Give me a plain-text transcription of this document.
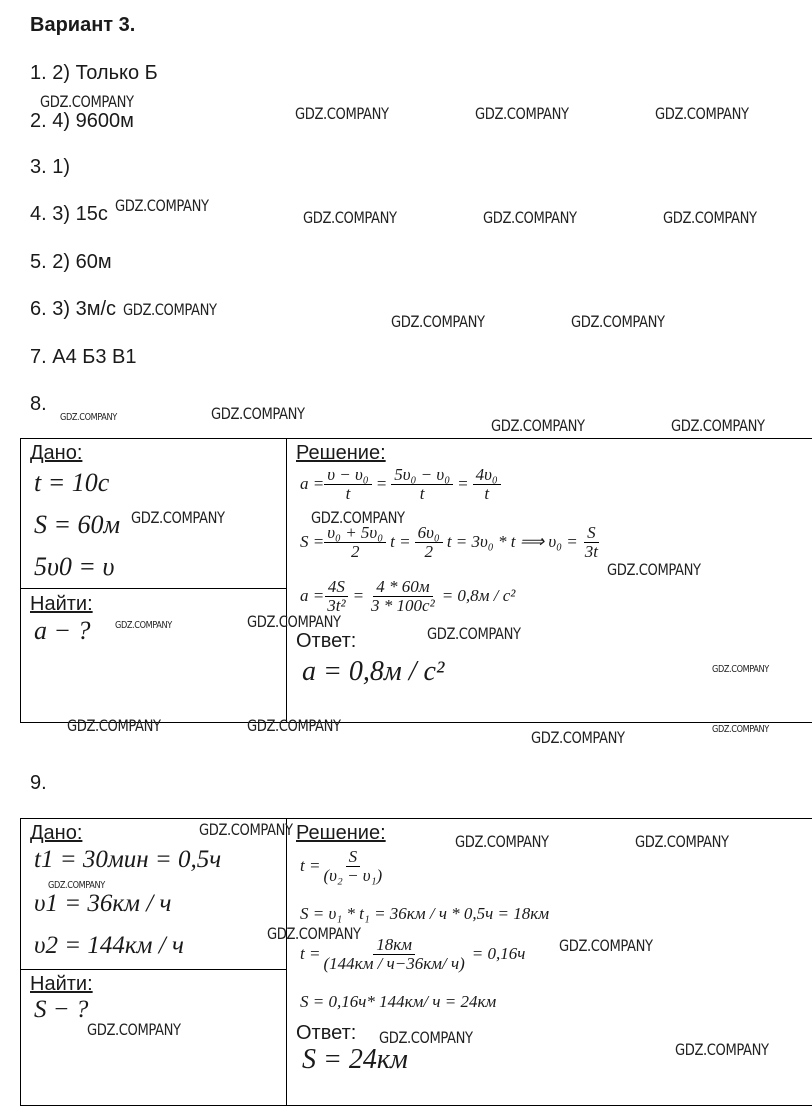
Вариант 3.
1. 2) Только Б
2. 4) 9600м
3. 1)
4. 3) 15с
5. 2) 60м
6. 3) 3м/с
7. А4 Б3 В1
8.
Дано:
t = 10c
S = 60м
5υ0 = υ
Найти:
a − ?
Решение:
$a = \frac{\text{υ − υ₀}}{t} = \frac{\text{5υ₀ − υ₀}}{t} = \frac{\text{4υ₀}}{t}$
$S = \frac{\text{υ₀ + 5υ₀}}{2}$ $t = \frac{\text{6υ₀}}{2}$ t = 3υ₀ * t ⟹ $\upsilon_0 = \frac{S}{3t}$
$a = \frac{4S}{\text{3t²}} = \frac{4 * 60м}{\text{3 * 100с²}} = 0,8м / с^2$
Ответ:
a = 0,8м / с²
9.
Дано:
t1 = 30мин = 0,5ч
υ1 = 36км / ч
υ2 = 144км / ч
Найти:
S − ?
Решение:
$t = \frac{S}{\text{(υ₂ − υ₁)}}$
S = υ₁ * t₁ = 36км / ч * 0,5ч = 18км
$t = \frac{18км}{(144км / ч-36км/ ч)} = 0,16ч$
S = 0,16ч* 144км/ ч = 24км
Ответ:
S = 24км
GDZ.COMPANY
GDZ.COMPANY	GDZ.COMPANY	GDZ.COMPANY
GDZ.COMPANY
GDZ.COMPANY	GDZ.COMPANY	GDZ.COMPANY
GDZ.COMPANY
GDZ.COMPANY	GDZ.COMPANY
GDZ.COMPANY	GDZ.COMPANY
GDZ.COMPANY	GDZ.COMPANY
GDZ.COMPANY	GDZ.COMPANY
GDZ.COMPANY
GDZ.COMPANY	GDZ.COMPANY
GDZ.COMPANY
GDZ.COMPANY
GDZ.COMPANY	GDZ.COMPANY	GDZ.COMPANY
GDZ.COMPANY
GDZ.COMPANY
GDZ.COMPANY	GDZ.COMPANY
GDZ.COMPANY
GDZ.COMPANY
GDZ.COMPANY
GDZ.COMPANY	GDZ.COMPANY
GDZ.COMPANY
